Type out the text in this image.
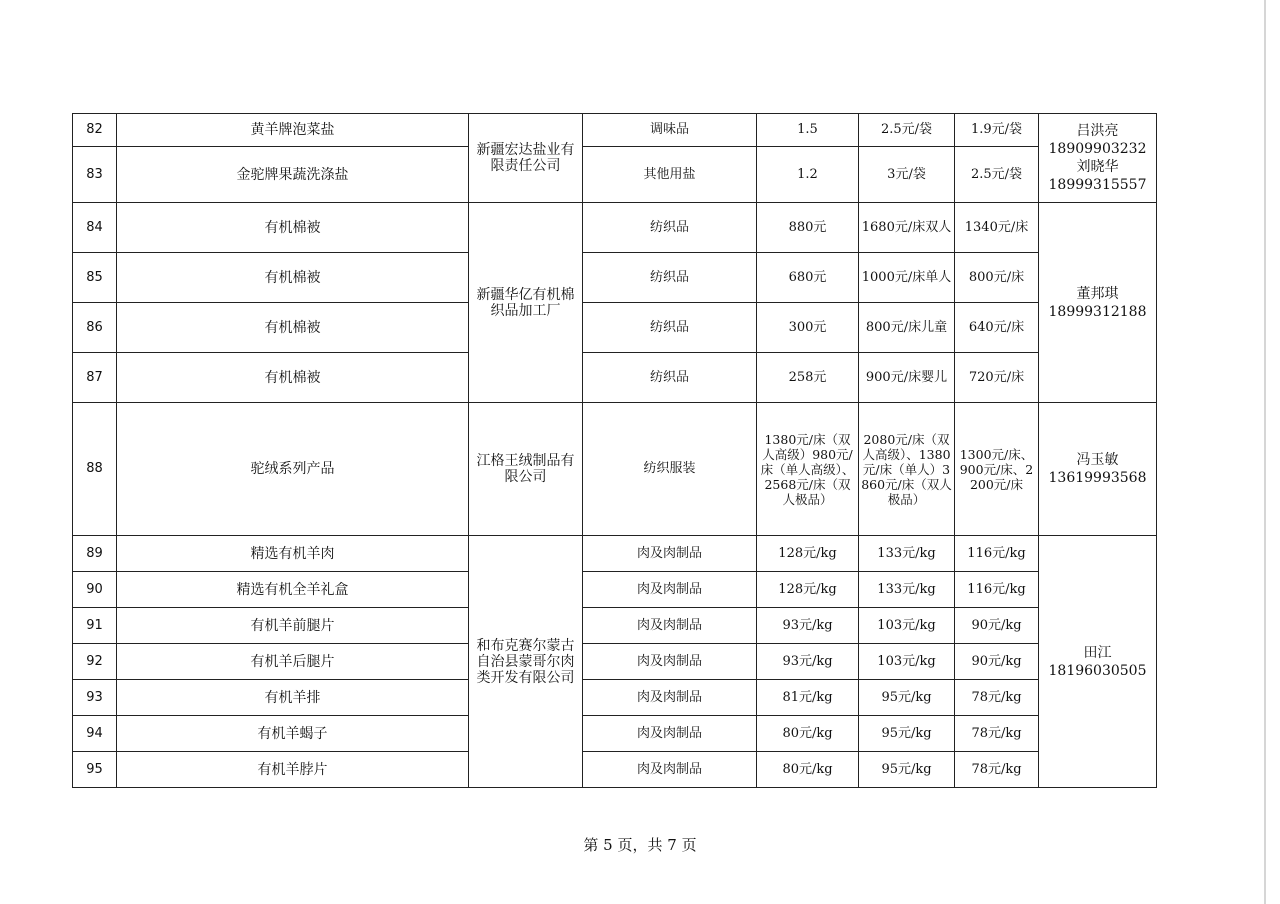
82	黄羊牌泡菜盐	新疆宏达盐业有限责任公司	调味品	1.5	2.5元/袋	1.9元/袋	吕洪亮
18909903232
刘晓华
18999315557

83	金驼牌果蔬洗涤盐		其他用盐	1.2	3元/袋	2.5元/袋	
84	有机棉被	新疆华亿有机棉织品加工厂	纺织品	880元	1680元/床双人	1340元/床	董邦琪
18999312188

85	有机棉被		纺织品	680元	1000元/床单人	800元/床	
86	有机棉被		纺织品	300元	800元/床儿童	640元/床	
87	有机棉被		纺织品	258元	900元/床婴儿	720元/床	
88	驼绒系列产品	江格王绒制品有限公司	纺织服装	1380元/床（双人高级）980元/床（单人高级）、2568元/床（双人极品）	2080元/床（双人高级）、1380元/床（单人）3860元/床（双人极品）	1300元/床、900元/床、2200元/床	冯玉敏
13619993568

89	精选有机羊肉	和布克赛尔蒙古自治县蒙哥尔肉类开发有限公司	肉及肉制品	128元/kg	133元/kg	116元/kg	田江
18196030505

90	精选有机全羊礼盒		肉及肉制品	128元/kg	133元/kg	116元/kg	
91	有机羊前腿片		肉及肉制品	93元/kg	103元/kg	90元/kg	
92	有机羊后腿片		肉及肉制品	93元/kg	103元/kg	90元/kg	
93	有机羊排		肉及肉制品	81元/kg	95元/kg	78元/kg	
94	有机羊蝎子		肉及肉制品	80元/kg	95元/kg	78元/kg	
95	有机羊脖片		肉及肉制品	80元/kg	95元/kg	78元/kg	
第 5 页，共 7 页
